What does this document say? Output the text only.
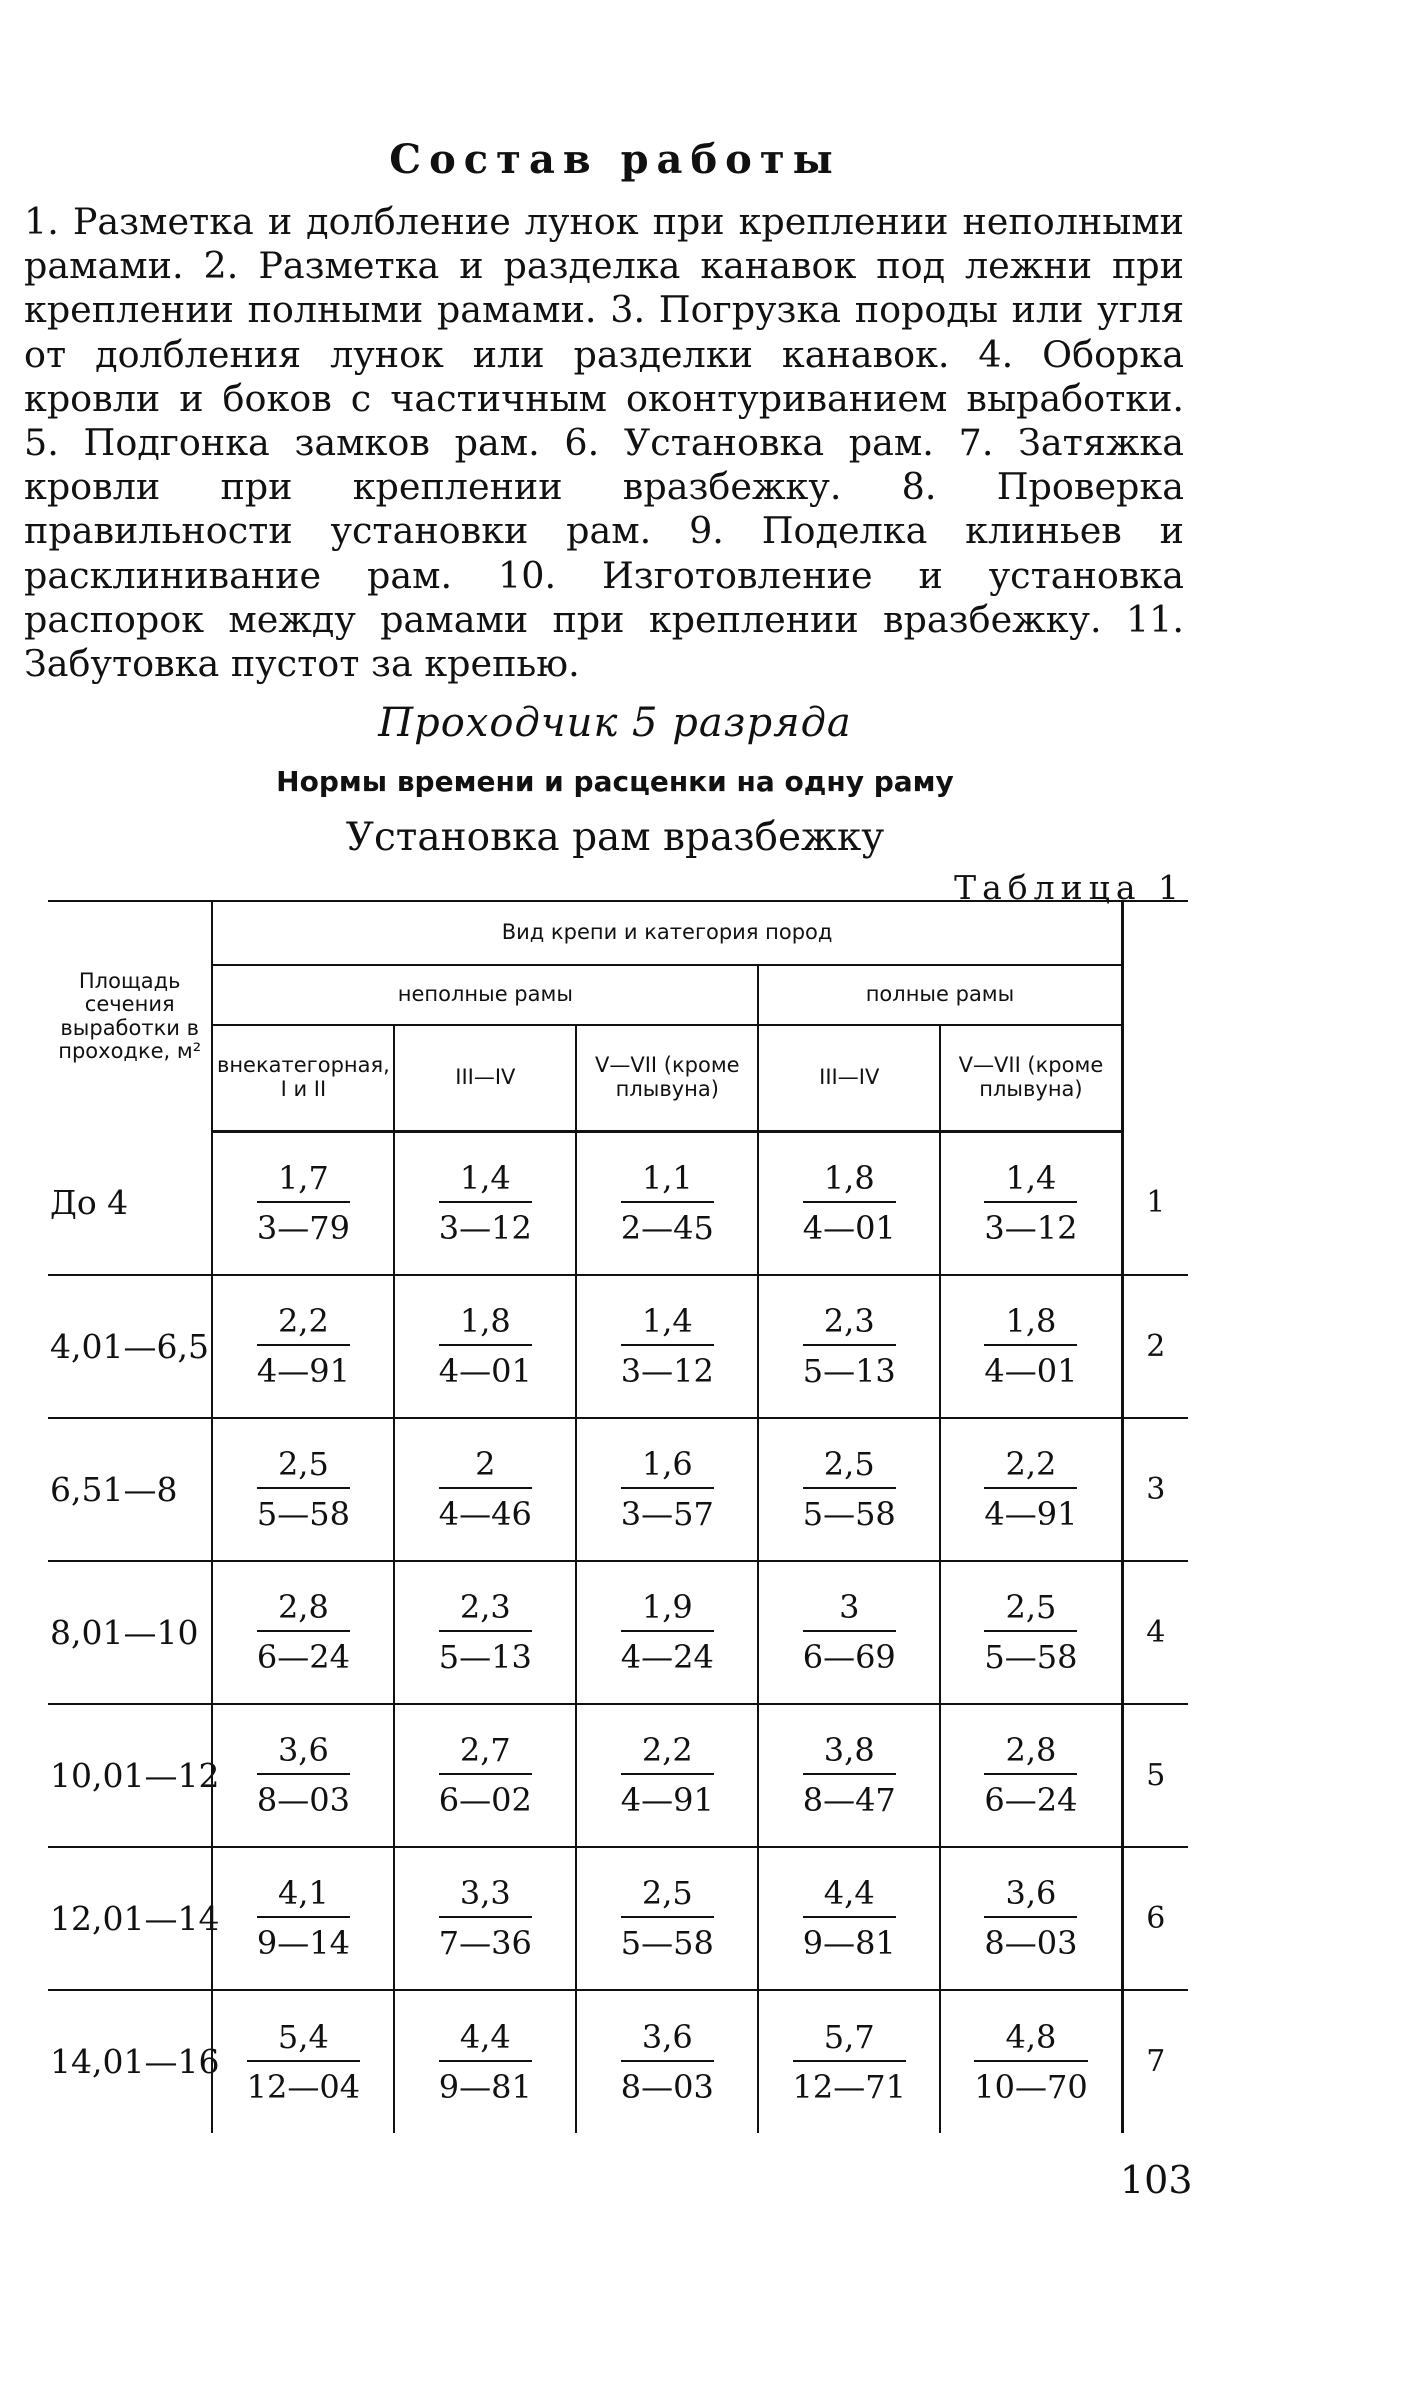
Состав работы

1. Разметка и долбление лунок при креплении неполными рамами. 2. Разметка и разделка канавок под лежни при креплении полными рамами. 3. Погрузка породы или угля от долбления лунок или разделки канавок. 4. Оборка кровли и боков с частичным оконтуриванием выработки. 5. Подгонка замков рам. 6. Установка рам. 7. Затяжка кровли при креплении вразбежку. 8. Проверка правильности установки рам. 9. Поделка клиньев и расклинивание рам. 10. Изготовление и установка распорок между рамами при креплении вразбежку. 11. Забутовка пустот за крепью.

Проходчик 5 разряда
Нормы времени и расценки на одну раму
Установка рам вразбежку
Таблица 1
Площадь сечения выработки в проходке, м²	Вид крепи и категория пород					
	неполные рамы			полные рамы		
	внекатегорная, I и II	III—IV	V—VII (кроме плывуна)	III—IV	V—VII (кроме плывуна)	
До 4	$\frac{1,7}{3—79}$	$\frac{1,4}{3—12}$	$\frac{1,1}{2—45}$	$\frac{1,8}{4—01}$	$\frac{1,4}{3—12}$	1
4,01—6,5	$\frac{2,2}{4—91}$	$\frac{1,8}{4—01}$	$\frac{1,4}{3—12}$	$\frac{2,3}{5—13}$	$\frac{1,8}{4—01}$	2
6,51—8	$\frac{2,5}{5—58}$	$\frac{2}{4—46}$	$\frac{1,6}{3—57}$	$\frac{2,5}{5—58}$	$\frac{2,2}{4—91}$	3
8,01—10	$\frac{2,8}{6—24}$	$\frac{2,3}{5—13}$	$\frac{1,9}{4—24}$	$\frac{3}{6—69}$	$\frac{2,5}{5—58}$	4
10,01—12	$\frac{3,6}{8—03}$	$\frac{2,7}{6—02}$	$\frac{2,2}{4—91}$	$\frac{3,8}{8—47}$	$\frac{2,8}{6—24}$	5
12,01—14	$\frac{4,1}{9—14}$	$\frac{3,3}{7—36}$	$\frac{2,5}{5—58}$	$\frac{4,4}{9—81}$	$\frac{3,6}{8—03}$	6
14,01—16	$\frac{5,4}{12—04}$	$\frac{4,4}{9—81}$	$\frac{3,6}{8—03}$	$\frac{5,7}{12—71}$	$\frac{4,8}{10—70}$	7
103
